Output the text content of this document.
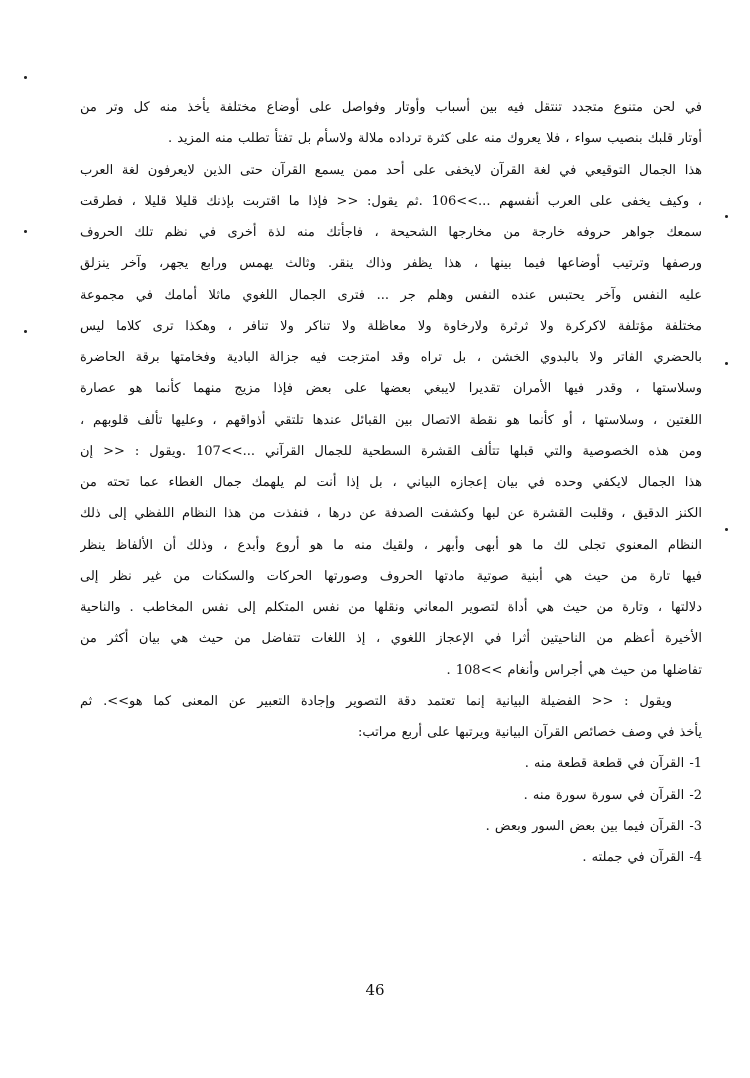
في لحن متنوع متجدد تنتقل فيه بين أسباب وأوتار وفواصل على أوضاع مختلفة يأخذ منه كل وتر من
أوتار قلبك بنصيب سواء ، فلا يعروك منه على كثرة ترداده ملالة ولاسأم بل تفتأ تطلب منه المزيد .
هذا الجمال التوقيعي في لغة القرآن لايخفى على أحد ممن يسمع القرآن حتى الذين لايعرفون لغة العرب
، وكيف يخفى على العرب أنفسهم ...>>106 .ثم يقول: << فإذا ما اقتربت بإذنك قليلا قليلا ، فطرقت
سمعك جواهر حروفه خارجة من مخارجها الشحيحة ، فاجأتك منه لذة أخرى في نظم تلك الحروف
ورصفها وترتيب أوضاعها فيما بينها ، هذا يظفر وذاك ينقر. وثالث يهمس ورابع يجهر، وآخر ينزلق
عليه النفس وآخر يحتبس عنده النفس وهلم جر ... فترى الجمال اللغوي ماثلا أمامك في مجموعة
مختلفة مؤتلفة لاكركرة ولا ثرثرة ولارخاوة ولا معاظلة ولا تناكر ولا تنافر ، وهكذا ترى كلاما ليس
بالحضري الفاتر ولا بالبدوي الخشن ، بل تراه وقد امتزجت فيه جزالة البادية وفخامتها برقة الحاضرة
وسلاستها ، وقدر فيها الأمران تقديرا لايبغي بعضها على بعض فإذا مزيج منهما كأنما هو عصارة
اللغتين ، وسلاستها ، أو كأنما هو نقطة الاتصال بين القبائل عندها تلتقي أذواقهم ، وعليها تألف قلوبهم ،
ومن هذه الخصوصية والتي قبلها تتألف القشرة السطحية للجمال القرآني ...>>107 .ويقول : << إن
هذا الجمال لايكفي وحده في بيان إعجازه البياني ، بل إذا أنت لم يلهمك جمال الغطاء عما تحته من
الكنز الدقيق ، وقلبت القشرة عن لبها وكشفت الصدفة عن درها ، فنفذت من هذا النظام اللفظي إلى ذلك
النظام المعنوي تجلى لك ما هو أبهى وأبهر ، ولقيك منه ما هو أروع وأبدع ، وذلك أن الألفاظ ينظر
فيها تارة من حيث هي أبنية صوتية مادتها الحروف وصورتها الحركات والسكنات من غير نظر إلى
دلالتها ، وتارة من حيث هي أداة لتصوير المعاني ونقلها من نفس المتكلم إلى نفس المخاطب . والناحية
الأخيرة أعظم من الناحيتين أثرا في الإعجاز اللغوي ، إذ اللغات تتفاضل من حيث هي بيان أكثر من
تفاضلها من حيث هي أجراس وأنغام >>108 .
ويقول : << الفضيلة البيانية إنما تعتمد دقة التصوير وإجادة التعبير عن المعنى كما هو>>. ثم
يأخذ في وصف خصائص القرآن البيانية ويرتبها على أربع مراتب:
1- القرآن في قطعة قطعة منه .
2- القرآن في سورة سورة منه .
3- القرآن فيما بين بعض السور وبعض .
4- القرآن في جملته .
46
